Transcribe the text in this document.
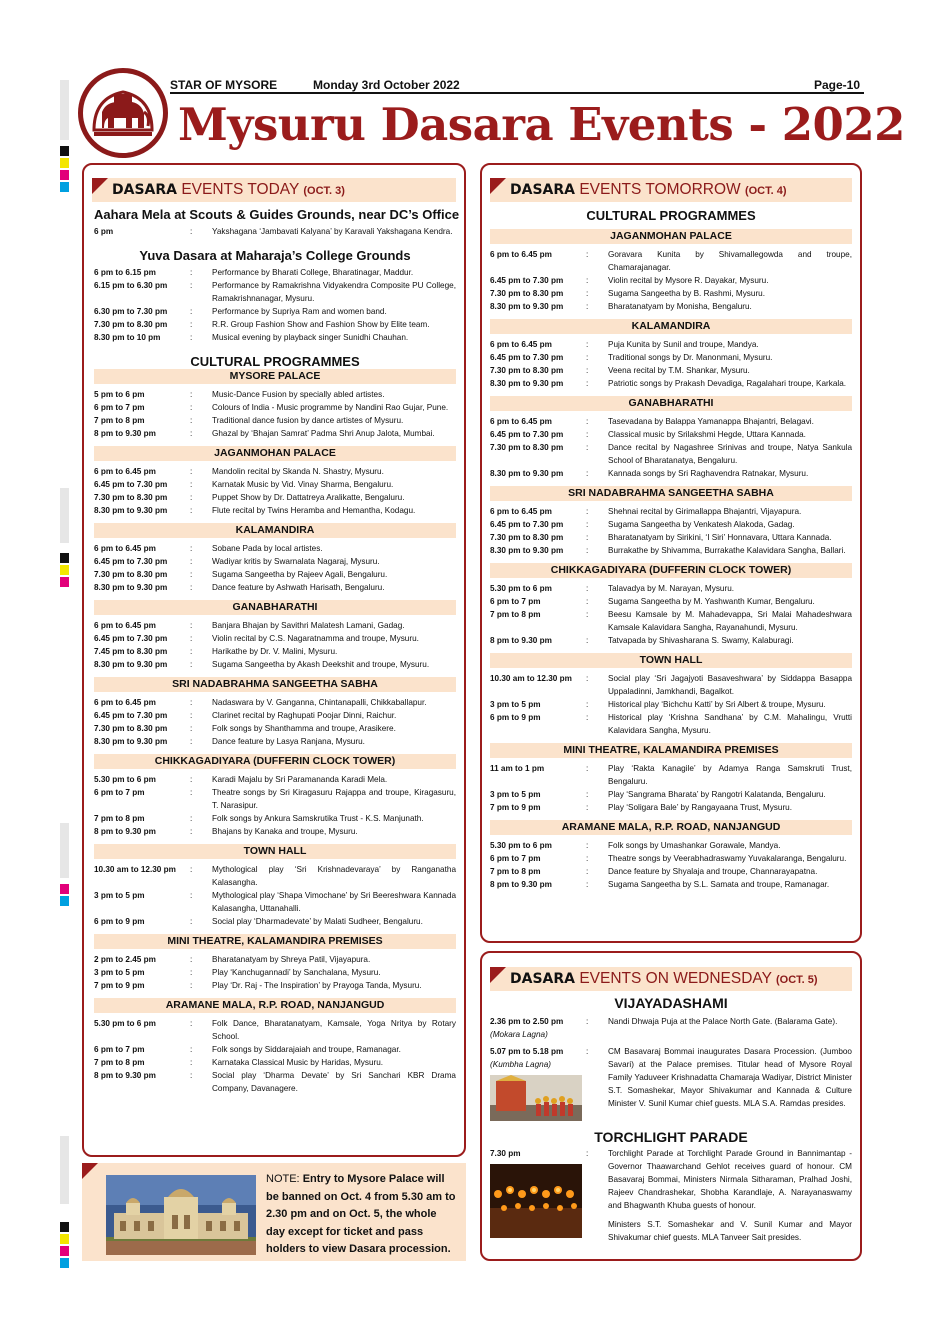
STAR OF MYSORE	Monday 3rd October 2022	Page-10
Mysuru Dasara Events - 2022
DASARA EVENTS TODAY (OCT. 3)
Aahara Mela at Scouts & Guides Grounds, near DC’s Office
6 pm	:	Yakshagana ‘Jambavati Kalyana’ by Karavali Yakshagana Kendra.
Yuva Dasara at Maharaja’s College Grounds
6 pm to 6.15 pm	:	Performance by Bharati College, Bharatinagar, Maddur.
6.15 pm to 6.30 pm	:	Performance by Ramakrishna Vidyakendra Composite PU College, Ramakrishnanagar, Mysuru.
6.30 pm to 7.30 pm	:	Performance by Supriya Ram and women band.
7.30 pm to 8.30 pm	:	R.R. Group Fashion Show and Fashion Show by Elite team.
8.30 pm to 10 pm	:	Musical evening by playback singer Sunidhi Chauhan.
CULTURAL PROGRAMMES
MYSORE PALACE
5 pm to 6 pm	:	Music-Dance Fusion by specially abled artistes.
6 pm to 7 pm	:	Colours of India - Music programme by Nandini Rao Gujar, Pune.
7 pm to 8 pm	:	Traditional dance fusion by dance artistes of Mysuru.
8 pm to 9.30 pm	:	Ghazal by ‘Bhajan Samrat’ Padma Shri Anup Jalota, Mumbai.
JAGANMOHAN PALACE
6 pm to 6.45 pm	:	Mandolin recital by Skanda N. Shastry, Mysuru.
6.45 pm to 7.30 pm	:	Karnatak Music by Vid. Vinay Sharma, Bengaluru.
7.30 pm to 8.30 pm	:	Puppet Show by Dr. Dattatreya Aralikatte, Bengaluru.
8.30 pm to 9.30 pm	:	Flute recital by Twins Heramba and Hemantha, Kodagu.
KALAMANDIRA
6 pm to 6.45 pm	:	Sobane Pada by local artistes.
6.45 pm to 7.30 pm	:	Wadiyar kritis by Swarnalata Nagaraj, Mysuru.
7.30 pm to 8.30 pm	:	Sugama Sangeetha by Rajeev Agali, Bengaluru.
8.30 pm to 9.30 pm	:	Dance feature by Ashwath Harisath, Bengaluru.
GANABHARATHI
6 pm to 6.45 pm	:	Banjara Bhajan by Savithri Malatesh Lamani, Gadag.
6.45 pm to 7.30 pm	:	Violin recital by C.S. Nagaratnamma and troupe, Mysuru.
7.45 pm to 8.30 pm	:	Harikathe by Dr. V. Malini, Mysuru.
8.30 pm to 9.30 pm	:	Sugama Sangeetha by Akash Deekshit and troupe, Mysuru.
SRI NADABRAHMA SANGEETHA SABHA
6 pm to 6.45 pm	:	Nadaswara by V. Ganganna, Chintanapalli, Chikkaballapur.
6.45 pm to 7.30 pm	:	Clarinet recital by Raghupati Poojar Dinni, Raichur.
7.30 pm to 8.30 pm	:	Folk songs by Shanthamma and troupe, Arasikere.
8.30 pm to 9.30 pm	:	Dance feature by Lasya Ranjana, Mysuru.
CHIKKAGADIYARA (DUFFERIN CLOCK TOWER)
5.30 pm to 6 pm	:	Karadi Majalu by Sri Paramananda Karadi Mela.
6 pm to 7 pm	:	Theatre songs by Sri Kiragasuru Rajappa and troupe, Kiragasuru, T. Narasipur.
7 pm to 8 pm	:	Folk songs by Ankura Samskrutika Trust - K.S. Manjunath.
8 pm to 9.30 pm	:	Bhajans by Kanaka and troupe, Mysuru.
TOWN HALL
10.30 am to 12.30 pm	:	Mythological play ‘Sri Krishnadevaraya’ by Ranganatha Kalasangha.
3 pm to 5 pm	:	Mythological play ‘Shapa Vimochane’ by Sri Beereshwara Kannada Kalasangha, Uttanahalli.
6 pm to 9 pm	:	Social play ‘Dharmadevate’ by Malati Sudheer, Bengaluru.
MINI THEATRE, KALAMANDIRA PREMISES
2 pm to 2.45 pm	:	Bharatanatyam by Shreya Patil, Vijayapura.
3 pm to 5 pm	:	Play ‘Kanchugannadi’ by Sanchalana, Mysuru.
7 pm to 9 pm	:	Play ‘Dr. Raj - The Inspiration’ by Prayoga Tanda, Mysuru.
ARAMANE MALA, R.P. ROAD, NANJANGUD
5.30 pm to 6 pm	:	Folk Dance, Bharatanatyam, Kamsale, Yoga Nritya by Rotary School.
6 pm to 7 pm	:	Folk songs by Siddarajaiah and troupe, Ramanagar.
7 pm to 8 pm	:	Karnataka Classical Music by Haridas, Mysuru.
8 pm to 9.30 pm	:	Social play ‘Dharma Devate’ by Sri Sanchari KBR Drama Company, Davanagere.
NOTE: Entry to Mysore Palace will be banned on Oct. 4 from 5.30 am to 2.30 pm and on Oct. 5, the whole day except for ticket and pass holders to view Dasara procession.
DASARA EVENTS TOMORROW (OCT. 4)
CULTURAL PROGRAMMES
JAGANMOHAN PALACE
6 pm to 6.45 pm	:	Goravara Kunita by Shivamallegowda and troupe, Chamarajanagar.
6.45 pm to 7.30 pm	:	Violin recital by Mysore R. Dayakar, Mysuru.
7.30 pm to 8.30 pm	:	Sugama Sangeetha by B. Rashmi, Mysuru.
8.30 pm to 9.30 pm	:	Bharatanatyam by Monisha, Bengaluru.
KALAMANDIRA
6 pm to 6.45 pm	:	Puja Kunita by Sunil and troupe, Mandya.
6.45 pm to 7.30 pm	:	Traditional songs by Dr. Manonmani, Mysuru.
7.30 pm to 8.30 pm	:	Veena recital by T.M. Shankar, Mysuru.
8.30 pm to 9.30 pm	:	Patriotic songs by Prakash Devadiga, Ragalahari troupe, Karkala.
GANABHARATHI
6 pm to 6.45 pm	:	Tasevadana by Balappa Yamanappa Bhajantri, Belagavi.
6.45 pm to 7.30 pm	:	Classical music by Srilakshmi Hegde, Uttara Kannada.
7.30 pm to 8.30 pm	:	Dance recital by Nagashree Srinivas and troupe, Natya Sankula School of Bharatanatya, Bengaluru.
8.30 pm to 9.30 pm	:	Kannada songs by Sri Raghavendra Ratnakar, Mysuru.
SRI NADABRAHMA SANGEETHA SABHA
6 pm to 6.45 pm	:	Shehnai recital by Girimallappa Bhajantri, Vijayapura.
6.45 pm to 7.30 pm	:	Sugama Sangeetha by Venkatesh Alakoda, Gadag.
7.30 pm to 8.30 pm	:	Bharatanatyam by Sirikini, ‘I Siri’ Honnavara, Uttara Kannada.
8.30 pm to 9.30 pm	:	Burrakathe by Shivamma, Burrakathe Kalavidara Sangha, Ballari.
CHIKKAGADIYARA (DUFFERIN CLOCK TOWER)
5.30 pm to 6 pm	:	Talavadya by M. Narayan, Mysuru.
6 pm to 7 pm	:	Sugama Sangeetha by M. Yashwanth Kumar, Bengaluru.
7 pm to 8 pm	:	Beesu Kamsale by M. Mahadevappa, Sri Malai Mahadeshwara Kamsale Kalavidara Sangha, Rayanahundi, Mysuru.
8 pm to 9.30 pm	:	Tatvapada by Shivasharana S. Swamy, Kalaburagi.
TOWN HALL
10.30 am to 12.30 pm	:	Social play ‘Sri Jagajyoti Basaveshwara’ by Siddappa Basappa Uppaladinni, Jamkhandi, Bagalkot.
3 pm to 5 pm	:	Historical play ‘Bichchu Katti’ by Sri Albert & troupe, Mysuru.
6 pm to 9 pm	:	Historical play ‘Krishna Sandhana’ by C.M. Mahalingu, Vrutti Kalavidara Sangha, Mysuru.
MINI THEATRE, KALAMANDIRA PREMISES
11 am to 1 pm	:	Play ‘Rakta Kanagile’ by Adamya Ranga Samskruti Trust, Bengaluru.
3 pm to 5 pm	:	Play ‘Sangrama Bharata’ by Rangotri Kalatanda, Bengaluru.
7 pm to 9 pm	:	Play ‘Soligara Bale’ by Rangayaana Trust, Mysuru.
ARAMANE MALA, R.P. ROAD, NANJANGUD
5.30 pm to 6 pm	:	Folk songs by Umashankar Gorawale, Mandya.
6 pm to 7 pm	:	Theatre songs by Veerabhadraswamy Yuvakalaranga, Bengaluru.
7 pm to 8 pm	:	Dance feature by Shyalaja and troupe, Channarayapatna.
8 pm to 9.30 pm	:	Sugama Sangeetha by S.L. Samata and troupe, Ramanagar.
DASARA EVENTS ON WEDNESDAY (OCT. 5)
VIJAYADASHAMI
2.36 pm to 2.50 pm
(Mokara Lagna)
:	Nandi Dhwaja Puja at the Palace North Gate. (Balarama Gate).
5.07 pm to 5.18 pm
(Kumbha Lagna)
:	CM Basavaraj Bommai inaugurates Dasara Procession. (Jumboo Savari) at the Palace premises. Titular head of Mysore Royal Family Yaduveer Krishnadatta Chamaraja Wadiyar, District Minister S.T. Somashekar, Mayor Shivakumar and Kannada & Culture Minister V. Sunil Kumar chief guests. MLA S.A. Ramdas presides.
TORCHLIGHT PARADE
7.30 pm	:	Torchlight Parade at Torchlight Parade Ground in Bannimantap - Governor Thaawarchand Gehlot receives guard of honour. CM Basavaraj Bommai, Ministers Nirmala Sitharaman, Pralhad Joshi, Rajeev Chandrashekar, Shobha Karandlaje, A. Narayanaswamy and Bhagwanth Khuba guests of honour.
Ministers S.T. Somashekar and V. Sunil Kumar and Mayor Shivakumar chief guests. MLA Tanveer Sait presides.
